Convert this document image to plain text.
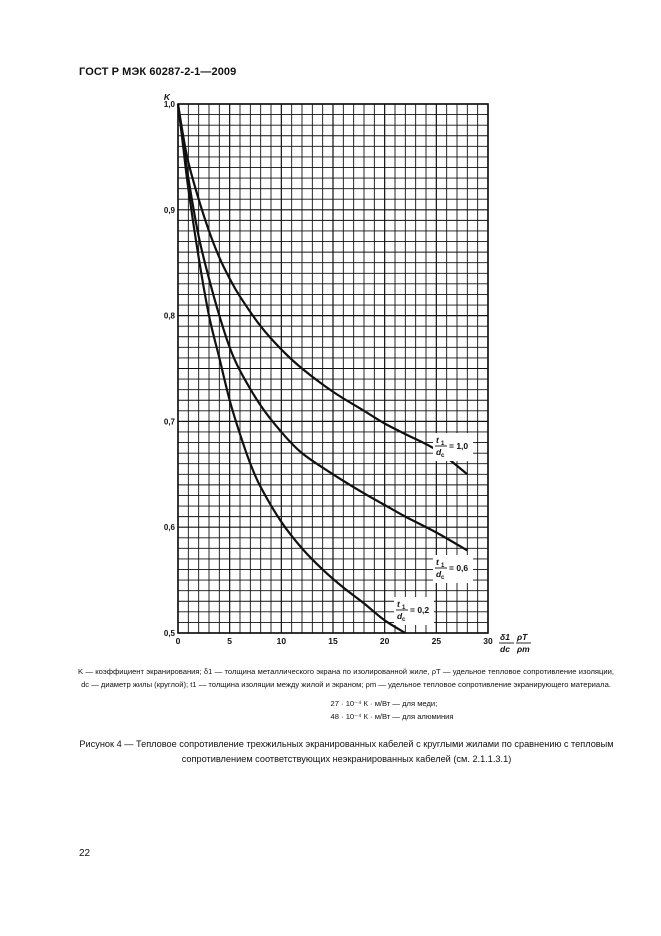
ГОСТ Р МЭК 60287-2-1—2009
0	5	10	15	20	25	30
0,5
0,6
0,7
0,8
0,9
1,0
K
t 1
d c
= 1,0
t 1
d c
= 0,6
t 1
d c
= 0,2
δ1
dc
ρT
ρm
K — коэффициент экранирования; δ1 — толщина металлического экрана по изолированной жиле, ρT — удельное тепловое сопротивление изоляции, dc — диаметр жилы (круглой); t1 — толщина изоляции между жилой и экраном; ρm — удельное тепловое сопротивление экранирующего материала.
27 · 10⁻⁴ К · м/Вт — для меди;
48 · 10⁻⁴ К · м/Вт — для алюминия
Рисунок 4 — Тепловое сопротивление трехжильных экранированных кабелей с круглыми жилами по сравнению с тепловым сопротивлением соответствующих неэкранированных кабелей (см. 2.1.1.3.1)
22
